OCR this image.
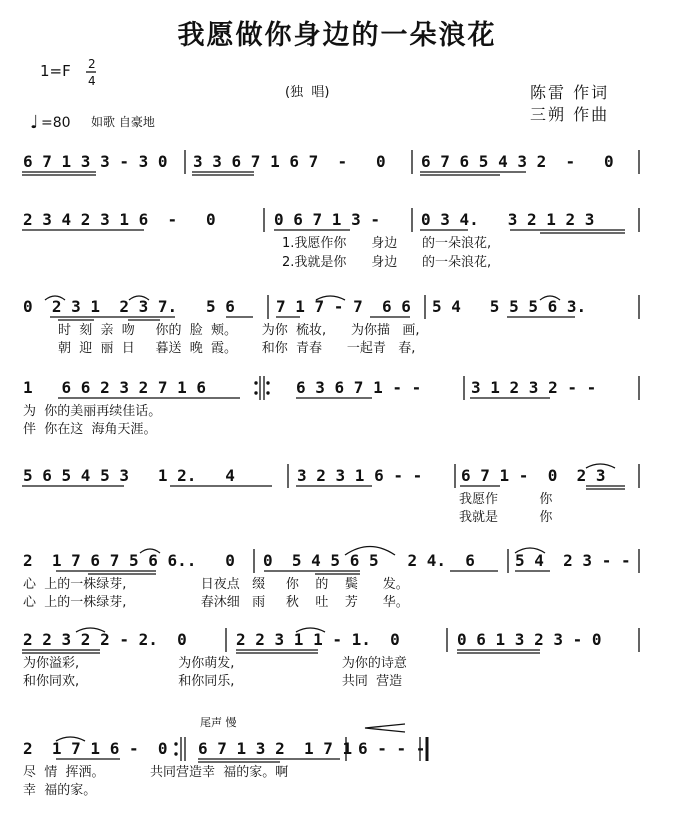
我愿做你身边的一朵浪花
1=F 2
4
♩ =80 如歌 自豪地
(独  唱)	陈雷 作词
三朔 作曲
6 7 1 3 3 - 3 0 3 3 6 7 1 6 7  -   0 6 7 6 5 4 3 2  -   0
2 3 4 2 3 1 6  -   0	0 6 7 1 3 -	0 3 4.   3 2 1 2 3
1.我愿作你      身边      的一朵浪花,
2.我就是你      身边      的一朵浪花,
0  2 3 1  2 3 7.   5 6	7 1 7 - 7  6 6 5 4   5 5 5 6 3.
时  刻  亲  吻     你的  脸  颊。      为你  梳妆,      为你描   画,
朝  迎  丽  日     暮送  晚  霞。      和你  青春      一起青   春,
1   6 6 2 3 2 7 1 6	6 3 6 7 1 - -	3 1 2 3 2 - -
为  你的美丽再续佳话。
伴  你在这  海角天涯。
5 6 5 4 5 3   1 2.   4	3 2 3 1 6 - - 6 7 1 -  0  2 3
我愿作          你
我就是          你
2  1 7 6 7 5 6 6..   0 0  5 4 5 6 5   2 4.  6	5 4  2 3 - -
心  上的一株绿芽,                  日夜点   缀     你    的    鬓      发。
心  上的一株绿芽,                  春沐细   雨     秋    吐    芳      华。
2 2 3 2 2 - 2.  0	2 2 3 1 1 - 1.  0	0 6 1 3 2 3 - 0
为你溢彩,                        为你萌发,                          为你的诗意
和你同欢,                        和你同乐,                          共同  营造
尾声 慢
2  1 7 1 6 -  0 6 7 1 3 2  1 7 1 6 - - -
尽  情  挥洒。           共同营造幸  福的家。啊
幸  福的家。
